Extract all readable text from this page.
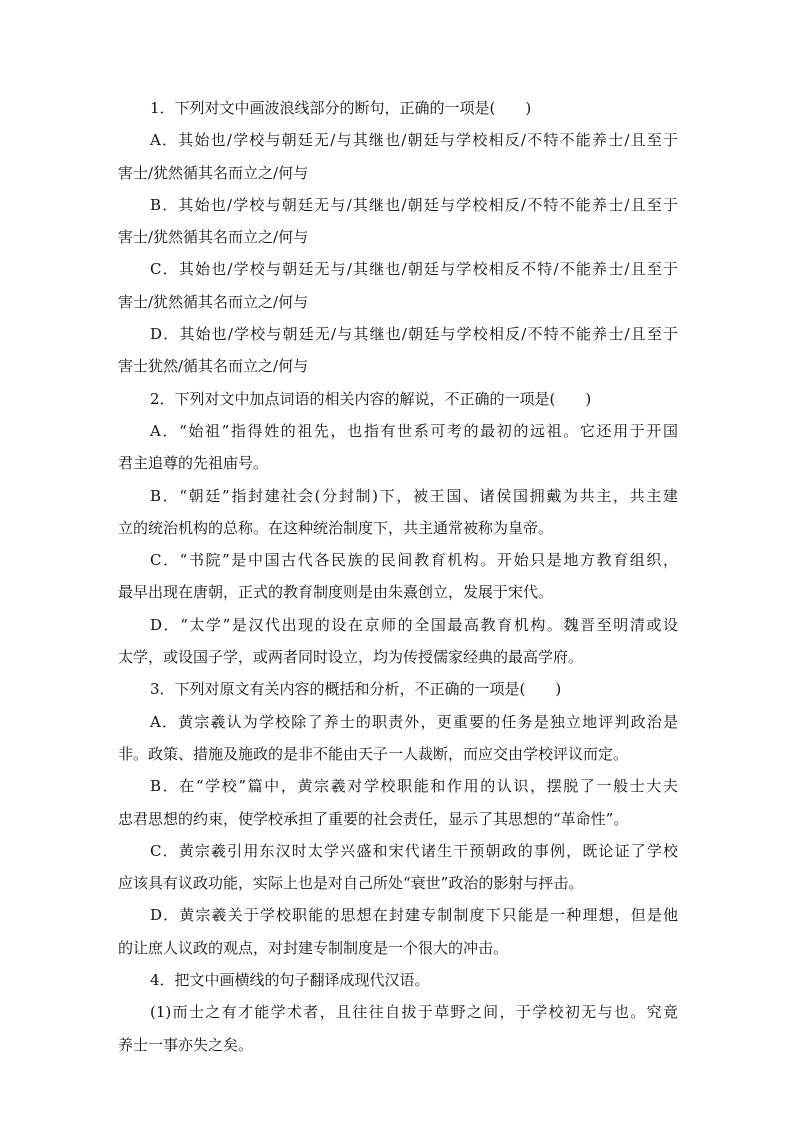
1．下列对文中画波浪线部分的断句，正确的一项是(　　)
A．其始也/学校与朝廷无/与其继也/朝廷与学校相反/不特不能养士/且至于
害士/犹然循其名而立之/何与
B．其始也/学校与朝廷无与/其继也/朝廷与学校相反/不特不能养士/且至于
害士/犹然循其名而立之/何与
C．其始也/学校与朝廷无与/其继也/朝廷与学校相反不特/不能养士/且至于
害士/犹然循其名而立之/何与
D．其始也/学校与朝廷无/与其继也/朝廷与学校相反/不特不能养士/且至于
害士犹然/循其名而立之/何与
2．下列对文中加点词语的相关内容的解说，不正确的一项是(　　)
A．“始祖”指得姓的祖先，也指有世系可考的最初的远祖。它还用于开国
君主追尊的先祖庙号。
B．“朝廷”指封建社会(分封制)下，被王国、诸侯国拥戴为共主，共主建
立的统治机构的总称。在这种统治制度下，共主通常被称为皇帝。
C．“书院”是中国古代各民族的民间教育机构。开始只是地方教育组织，
最早出现在唐朝，正式的教育制度则是由朱熹创立，发展于宋代。
D．“太学”是汉代出现的设在京师的全国最高教育机构。魏晋至明清或设
太学，或设国子学，或两者同时设立，均为传授儒家经典的最高学府。
3．下列对原文有关内容的概括和分析，不正确的一项是(　　)
A．黄宗羲认为学校除了养士的职责外，更重要的任务是独立地评判政治是
非。政策、措施及施政的是非不能由天子一人裁断，而应交由学校评议而定。
B．在“学校”篇中，黄宗羲对学校职能和作用的认识，摆脱了一般士大夫
忠君思想的约束，使学校承担了重要的社会责任，显示了其思想的“革命性”。
C．黄宗羲引用东汉时太学兴盛和宋代诸生干预朝政的事例，既论证了学校
应该具有议政功能，实际上也是对自己所处“衰世”政治的影射与抨击。
D．黄宗羲关于学校职能的思想在封建专制制度下只能是一种理想，但是他
的让庶人议政的观点，对封建专制制度是一个很大的冲击。
4．把文中画横线的句子翻译成现代汉语。
(1)而士之有才能学术者，且往往自拔于草野之间，于学校初无与也。究竟
养士一事亦失之矣。
